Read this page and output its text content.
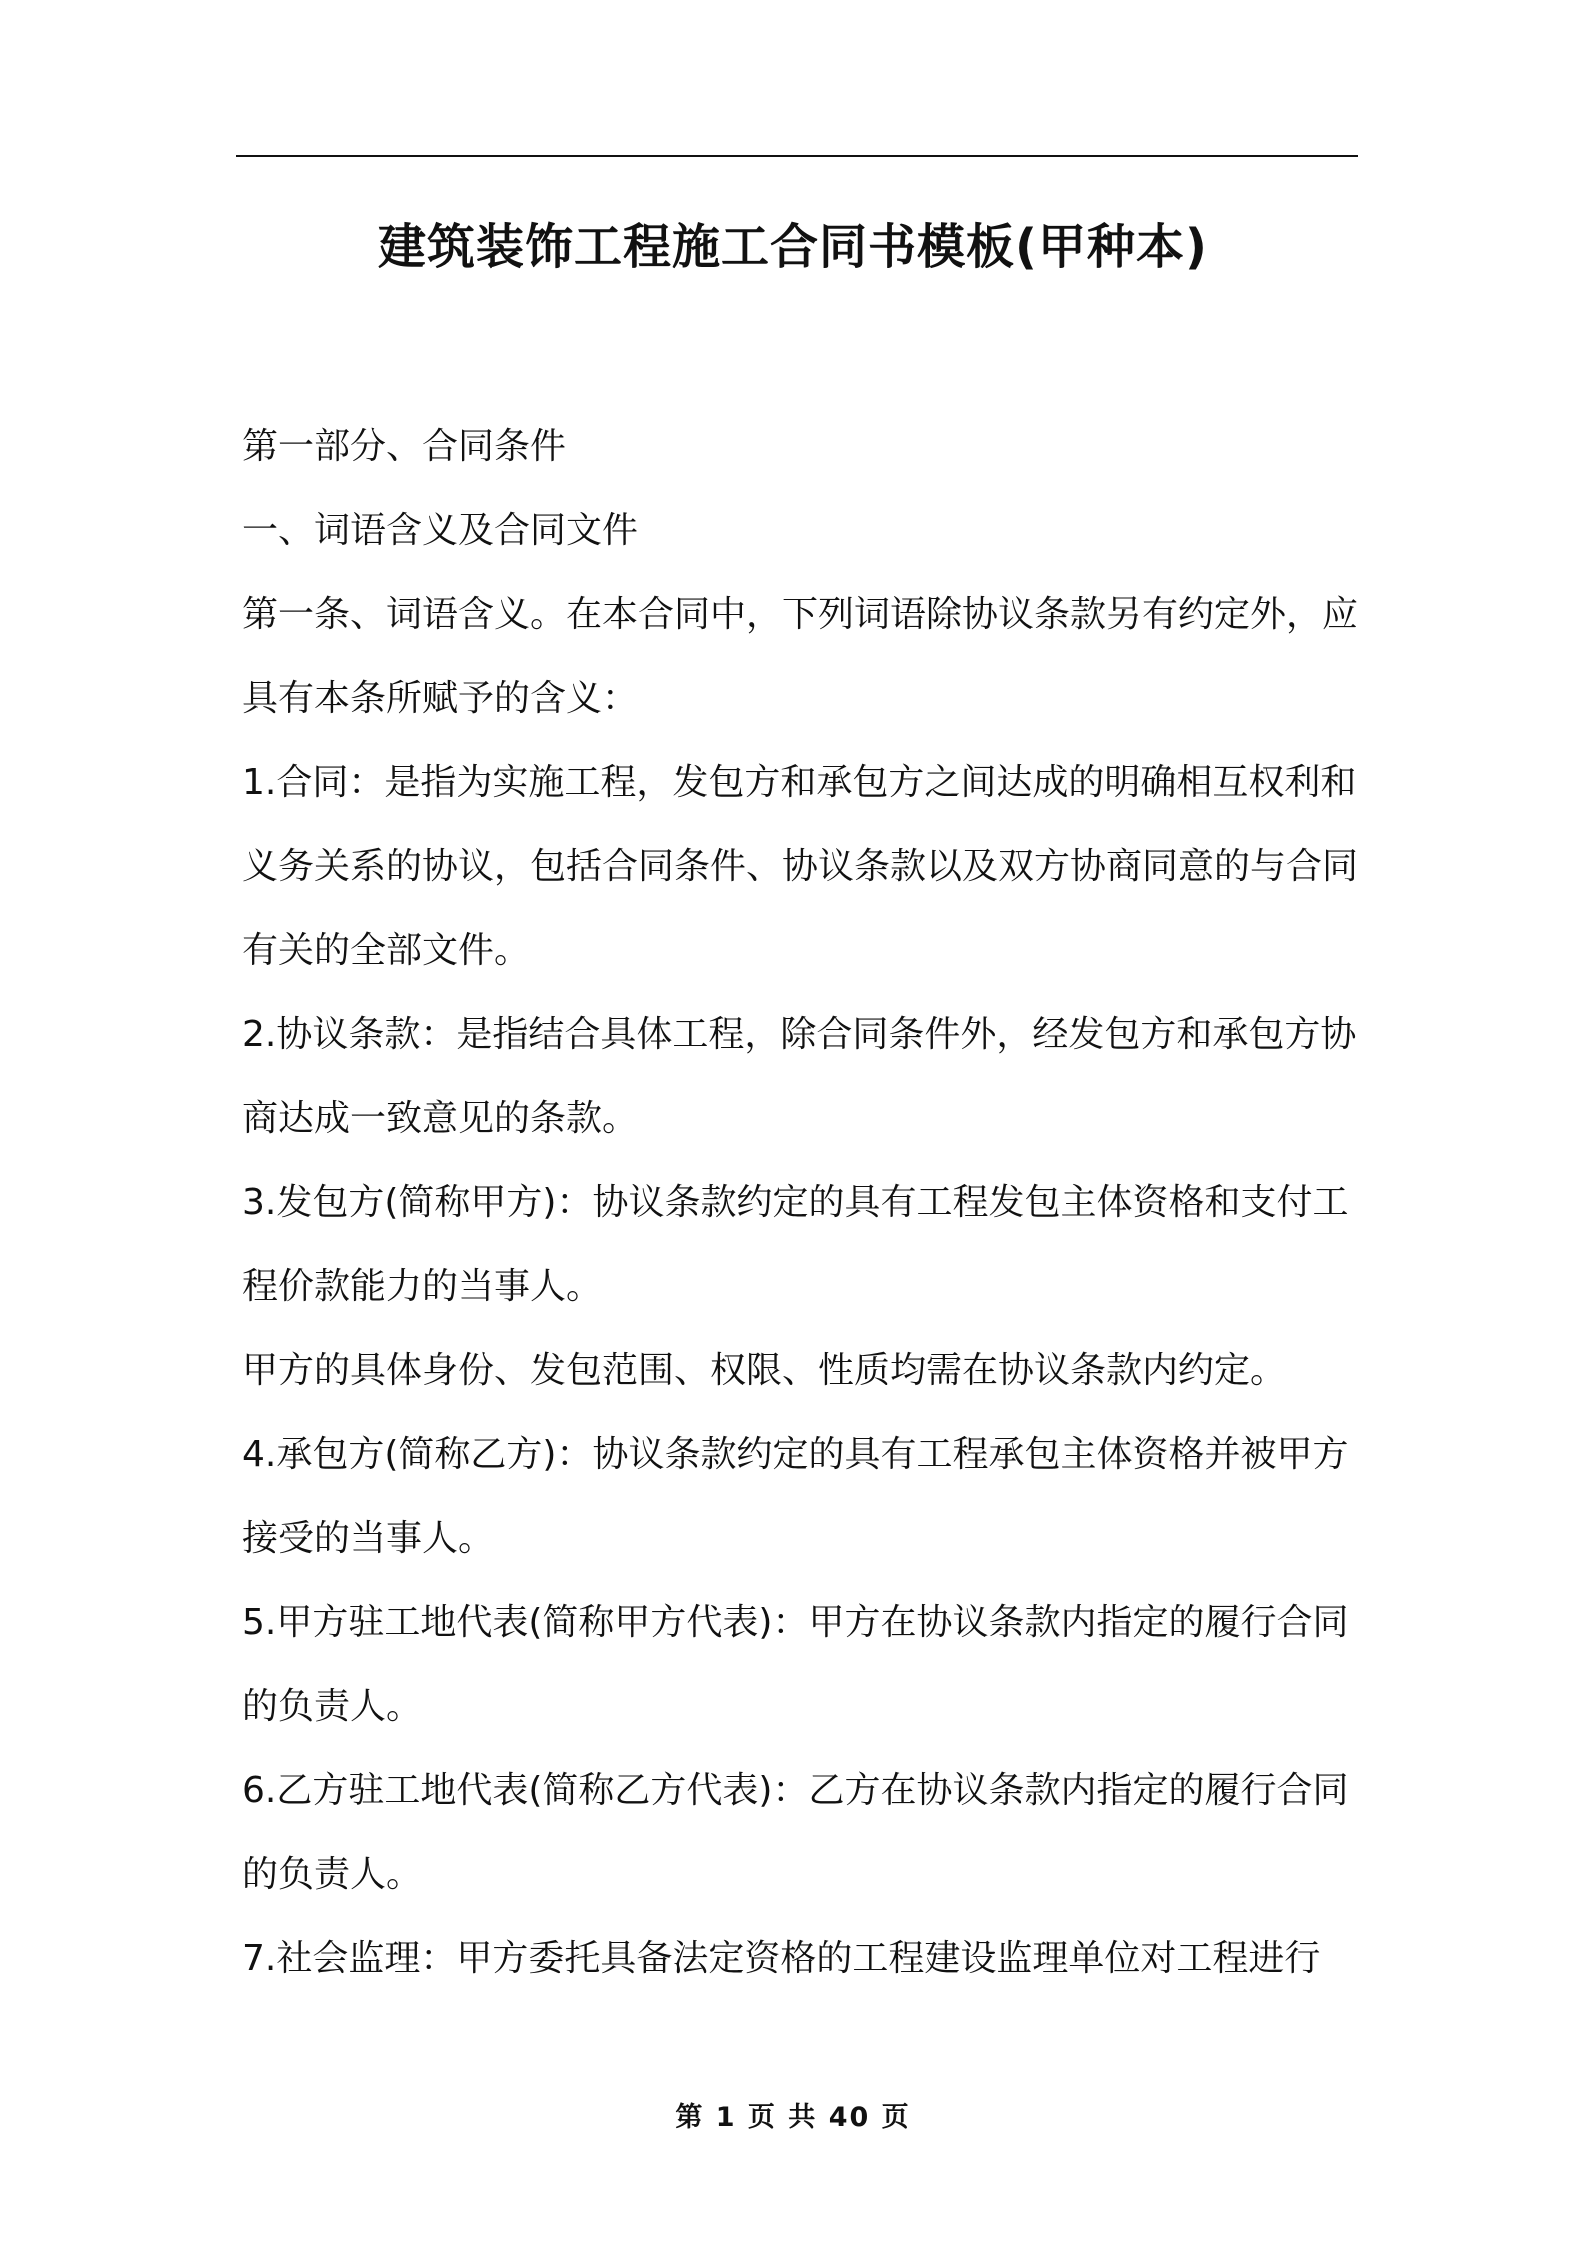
建筑装饰工程施工合同书模板(甲种本)

第一部分、合同条件

一、词语含义及合同文件

第一条、词语含义。在本合同中，下列词语除协议条款另有约定外，应具有本条所赋予的含义：

1.合同：是指为实施工程，发包方和承包方之间达成的明确相互权利和义务关系的协议，包括合同条件、协议条款以及双方协商同意的与合同有关的全部文件。

2.协议条款：是指结合具体工程，除合同条件外，经发包方和承包方协商达成一致意见的条款。

3.发包方(简称甲方)：协议条款约定的具有工程发包主体资格和支付工程价款能力的当事人。

甲方的具体身份、发包范围、权限、性质均需在协议条款内约定。

4.承包方(简称乙方)：协议条款约定的具有工程承包主体资格并被甲方接受的当事人。

5.甲方驻工地代表(简称甲方代表)：甲方在协议条款内指定的履行合同的负责人。

6.乙方驻工地代表(简称乙方代表)：乙方在协议条款内指定的履行合同的负责人。

7.社会监理：甲方委托具备法定资格的工程建设监理单位对工程进行

第 1 页 共 40 页
